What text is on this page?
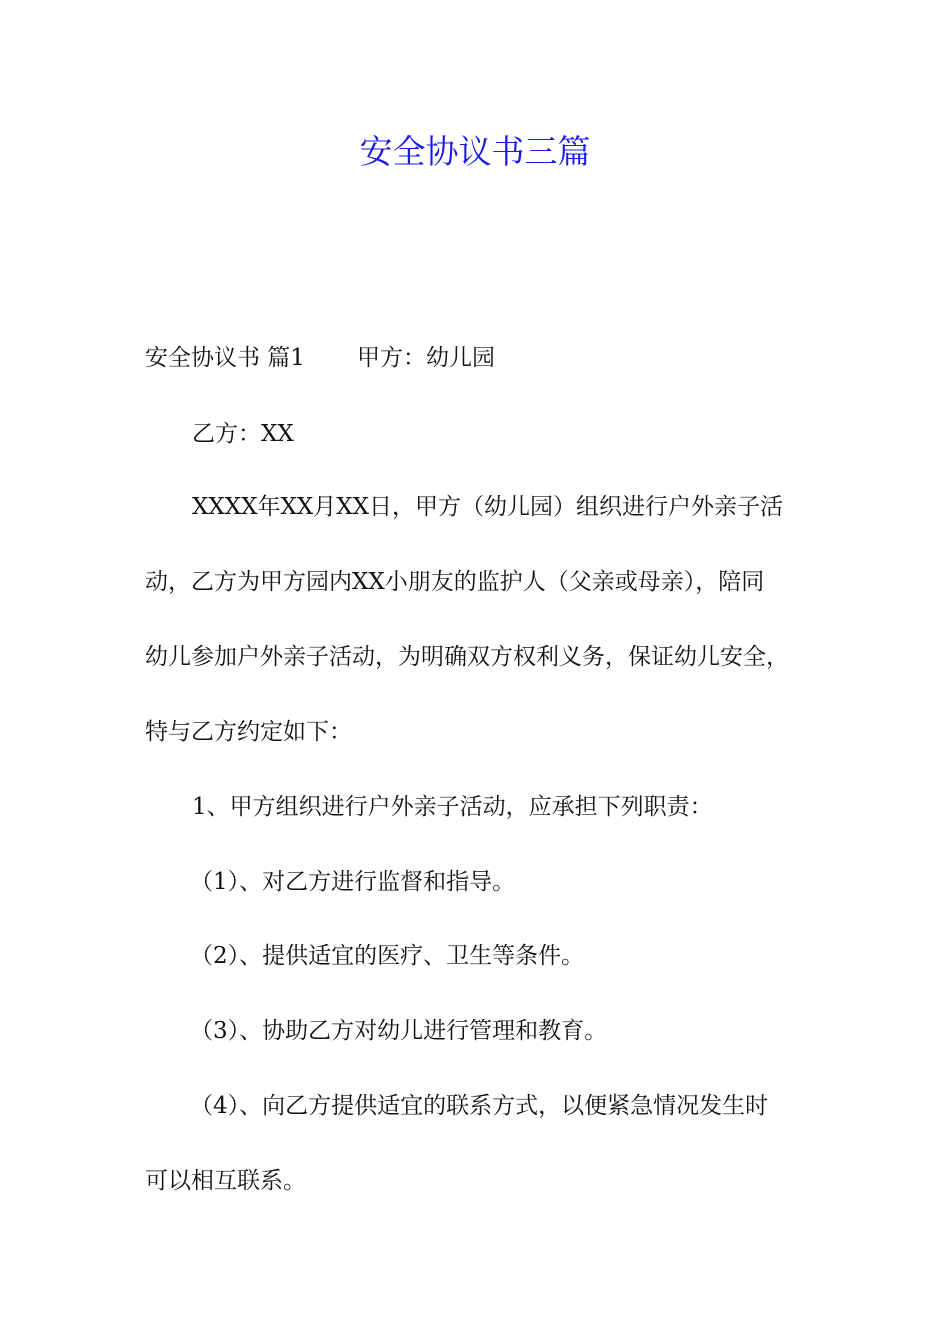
安全协议书三篇

安全协议书 篇1 甲方：幼儿园

乙方：XX

XXXX年XX月XX日，甲方（幼儿园）组织进行户外亲子活

动，乙方为甲方园内XX小朋友的监护人（父亲或母亲），陪同

幼儿参加户外亲子活动，为明确双方权利义务，保证幼儿安全，

特与乙方约定如下：

1、甲方组织进行户外亲子活动，应承担下列职责：

（1）、对乙方进行监督和指导。

（2）、提供适宜的医疗、卫生等条件。

（3）、协助乙方对幼儿进行管理和教育。

（4）、向乙方提供适宜的联系方式，以便紧急情况发生时

可以相互联系。
